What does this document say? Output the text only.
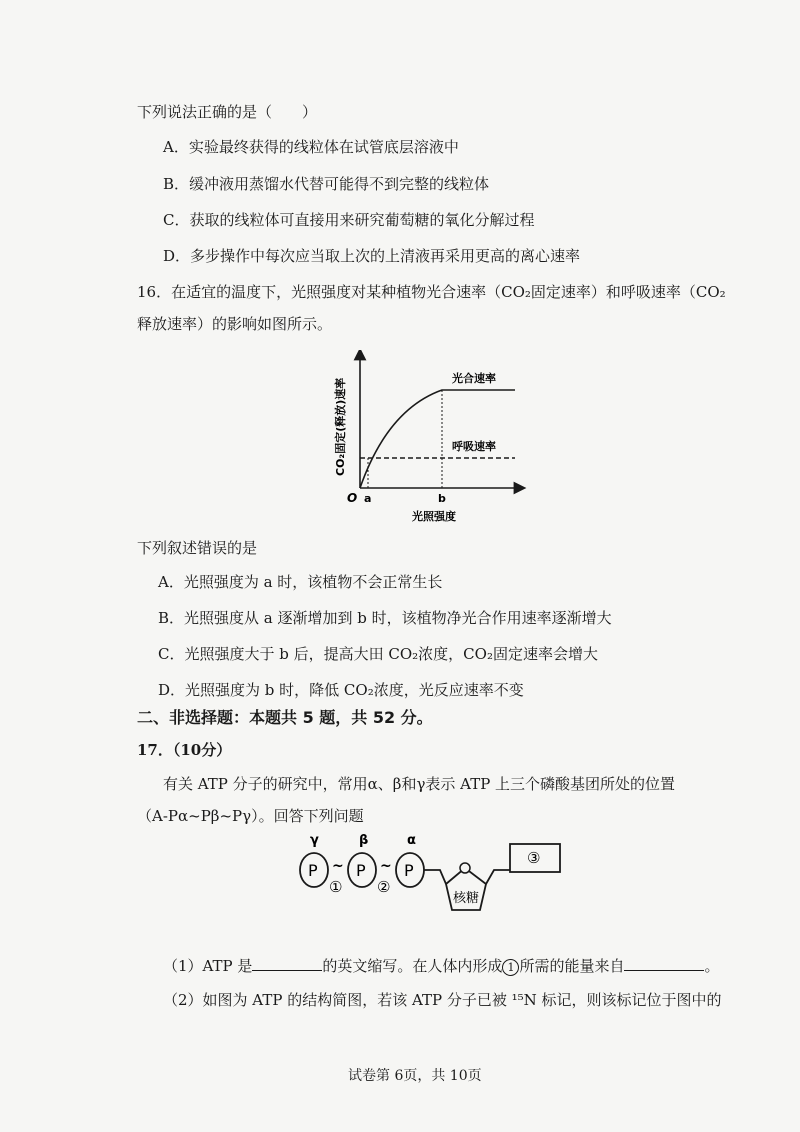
下列说法正确的是（　　）
A．实验最终获得的线粒体在试管底层溶液中
B．缓冲液用蒸馏水代替可能得不到完整的线粒体
C．获取的线粒体可直接用来研究葡萄糖的氧化分解过程
D．多步操作中每次应当取上次的上清液再采用更高的离心速率
16．在适宜的温度下，光照强度对某种植物光合速率（CO₂固定速率）和呼吸速率（CO₂
释放速率）的影响如图所示。
CO₂固定(释放)速率	光合速率
呼吸速率
O a	b
光照强度
下列叙述错误的是
A．光照强度为 a 时，该植物不会正常生长
B．光照强度从 a 逐渐增加到 b 时，该植物净光合作用速率逐渐增大
C．光照强度大于 b 后，提高大田 CO₂浓度，CO₂固定速率会增大
D．光照强度为 b 时，降低 CO₂浓度，光反应速率不变
二、非选择题：本题共 5 题，共 52 分。
17．（10分）
有关 ATP 分子的研究中，常用α、β和γ表示 ATP 上三个磷酸基团所处的位置
（A-Pα~Pβ~Pγ）。回答下列问题
γ	β	α
P P P
~	~
① ②
核糖
③
（1）ATP 是	的英文缩写。在人体内形成 1 所需的能量来自	。
（2）如图为 ATP 的结构简图，若该 ATP 分子已被 ¹⁵N 标记，则该标记位于图中的
试卷第 6页，共 10页
